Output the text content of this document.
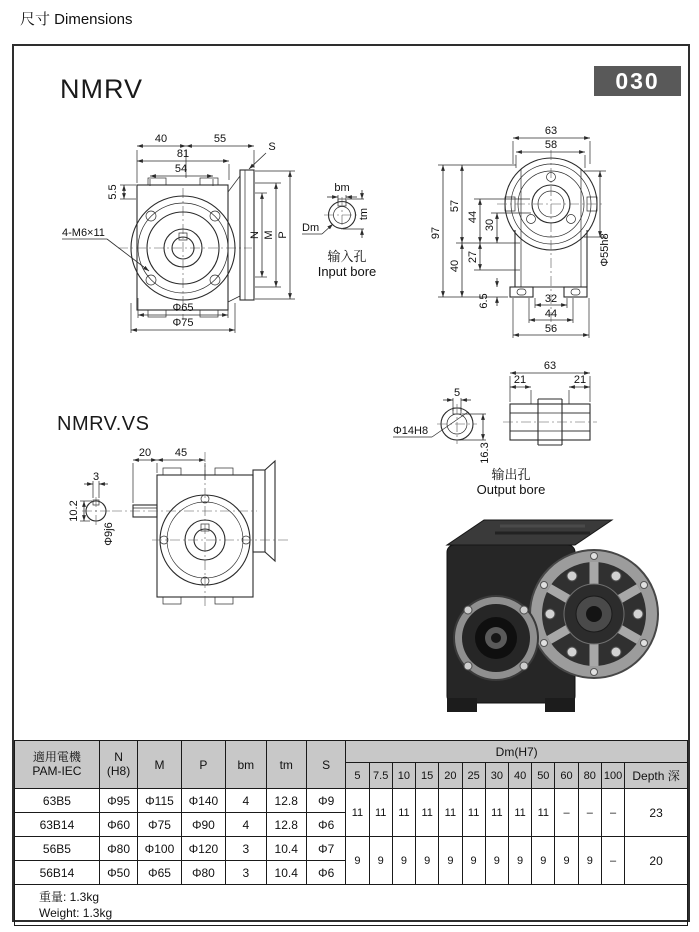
尺寸 Dimensions
適用電機
PAM-IEC

N
(H8)	M	P	bm	tm	S	Dm(H7)
							5	7.5	10	15	20	25	30	40	50	60	80	100	Depth 深
63B5	Φ95	Φ115	Φ140	4	12.8	Φ9	11	11	11	11	11	11	11	11	11	–	–	–	23
63B14	Φ60	Φ75	Φ90	4	12.8	Φ6													
56B5	Φ80	Φ100	Φ120	3	10.4	Φ7	9	9	9	9	9	9	9	9	9	9	9	–	20
56B14	Φ50	Φ65	Φ80	3	10.4	Φ6													

重量: 1.3kg
Weight: 1.3kg																			
030
NMRV
NMRV.VS
40	55
81
54
5.5
S
N M P
4-M6×11
Φ65
Φ75
bm
tm
Dm
输入孔
Input bore
63
58
97
57
40
44
27
30
6.5
Φ55h8
32
44
56
5
Φ14H8
16.3
63
21	21
输出孔
Output bore
20 45
3
10.2
Φ9j6
